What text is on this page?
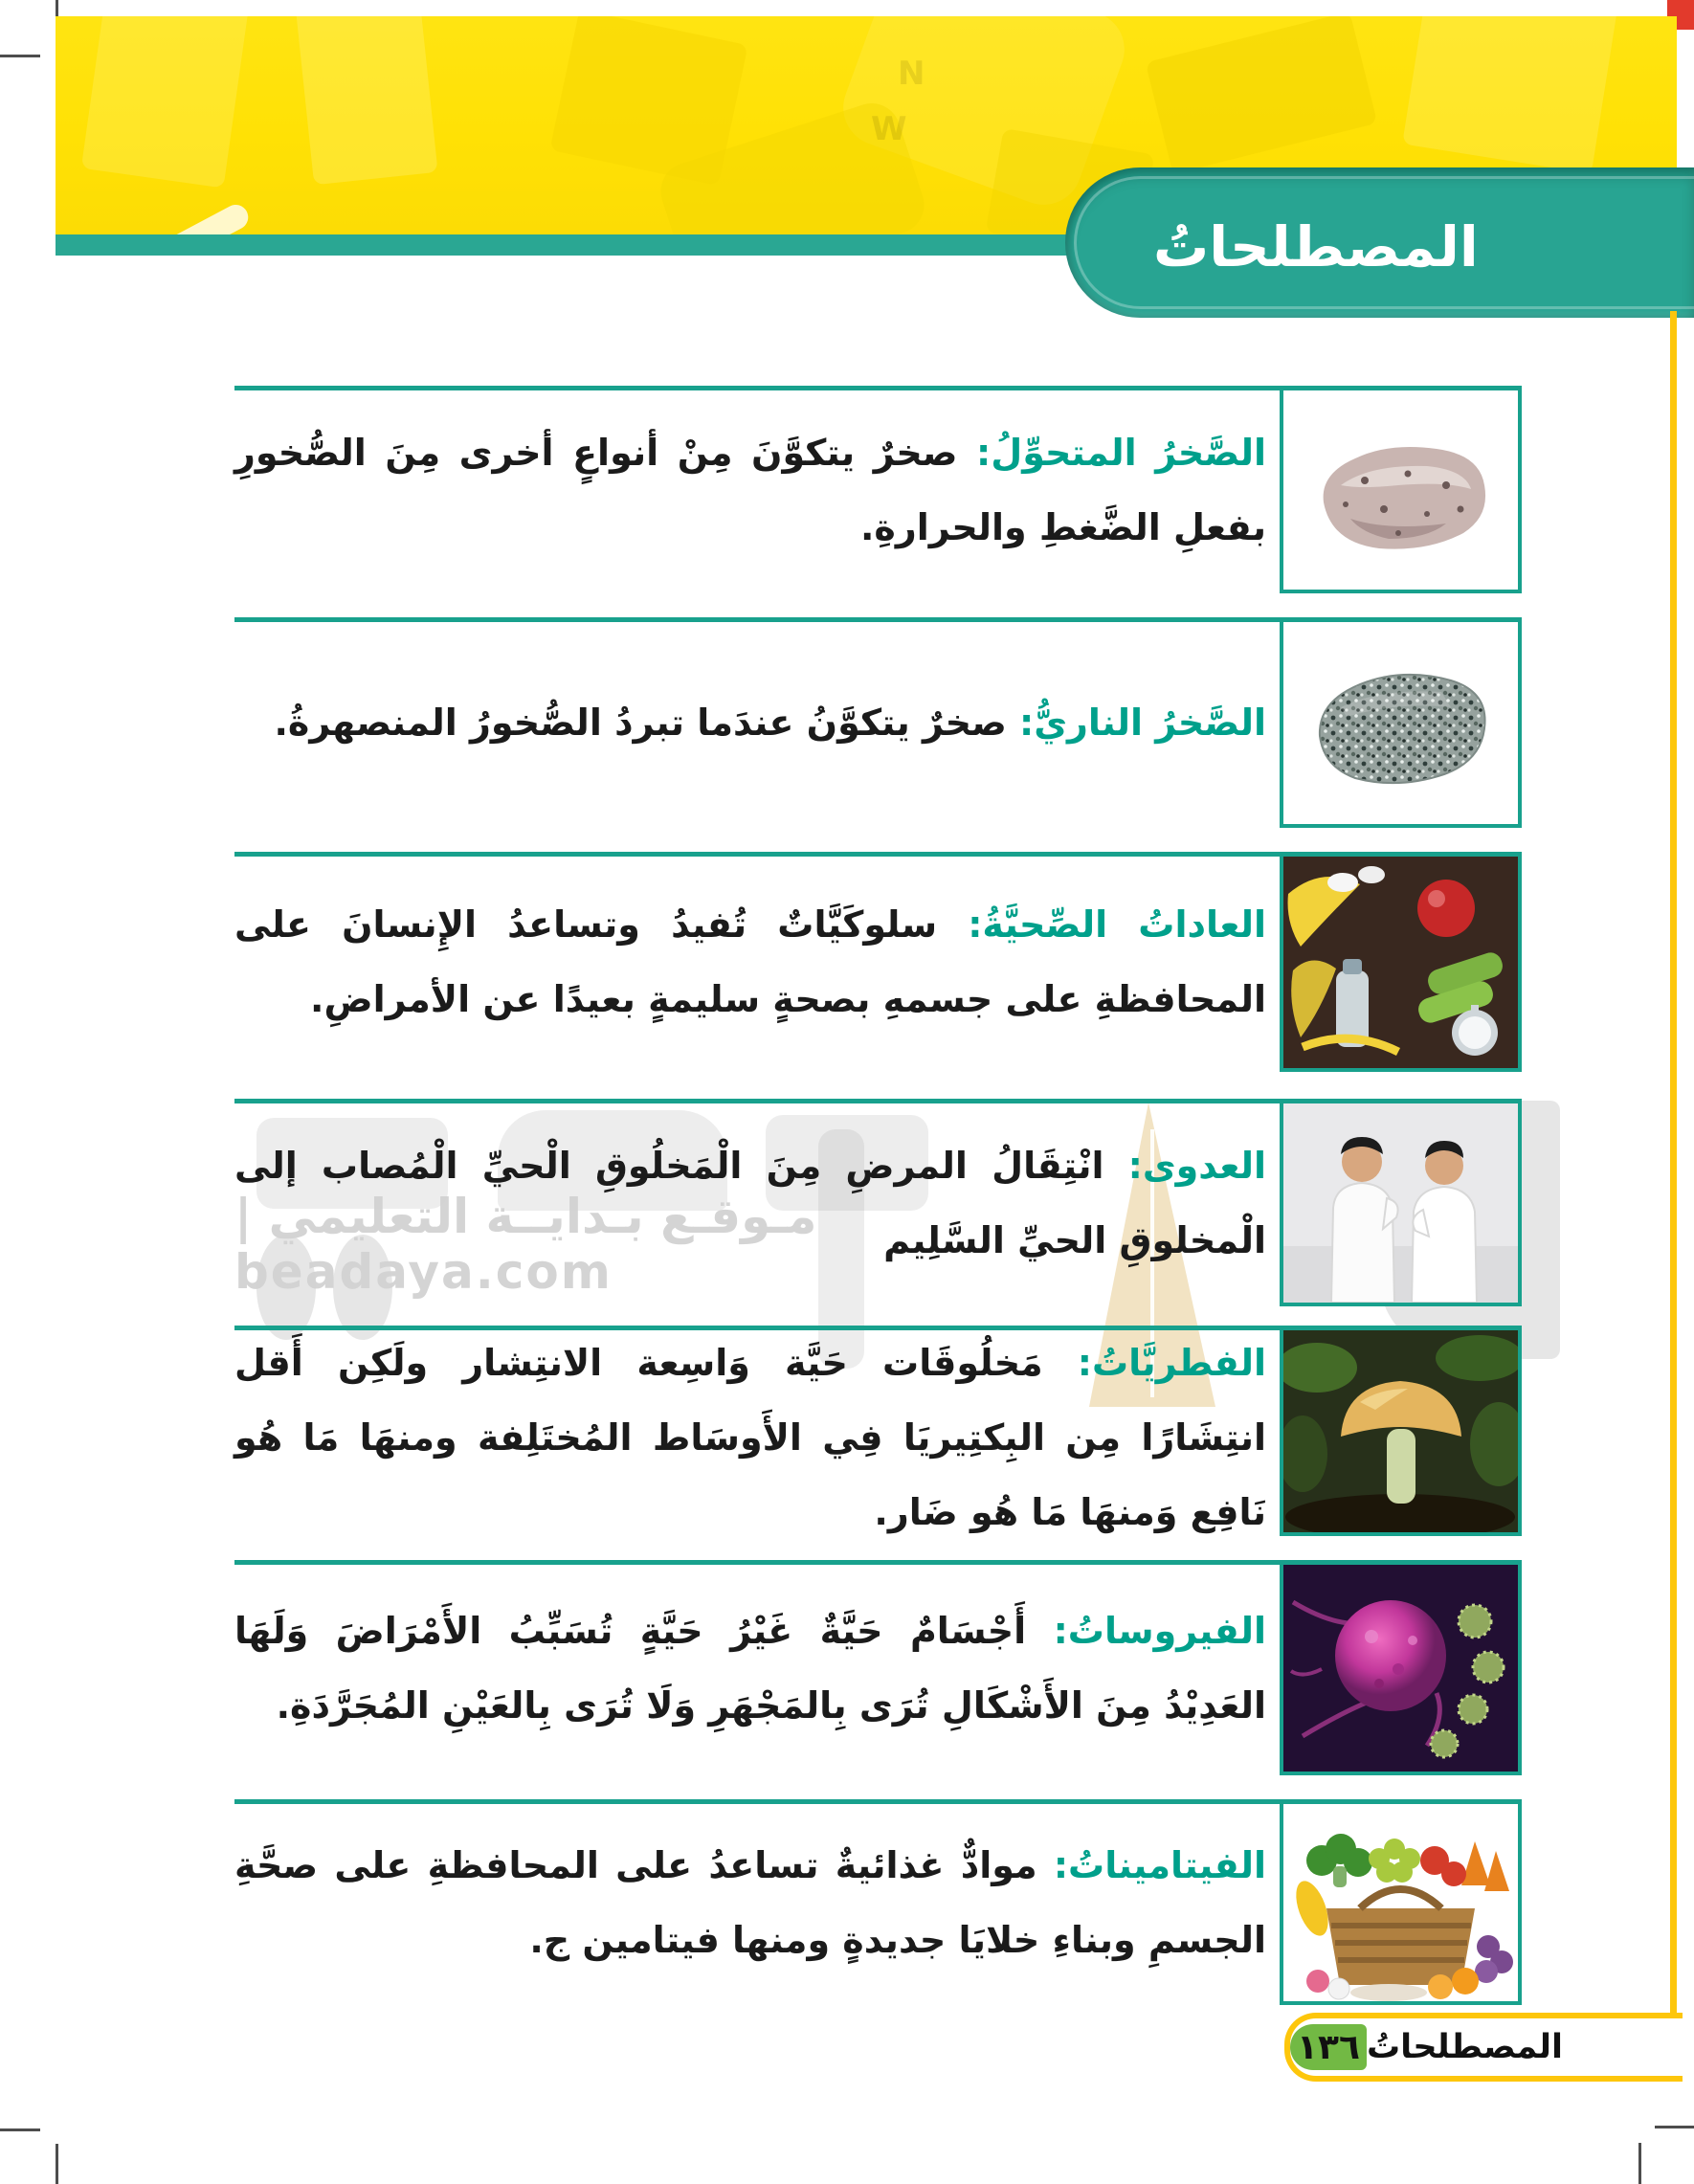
N
W
المصطلحاتُ
مـوقـع بـدايــة التعليمي | beadaya.com

الصَّخرُ المتحوِّلُ: صخرٌ يتكوَّنَ مِنْ أنواعٍ أخرى مِنَ الصُّخورِ بفعلِ الضَّغطِ والحرارةِ.

الصَّخرُ الناريُّ: صخرٌ يتكوَّنُ عندَما تبردُ الصُّخورُ المنصهرةُ.

العاداتُ الصِّحيَّةُ: سلوكَيَّاتٌ تُفيدُ وتساعدُ الإِنسانَ على المحافظةِ على جسمهِ بصحةٍ سليمةٍ بعيدًا عن الأمراضِ.

العدوى: انْتِقَالُ المرضِ مِنَ الْمَخلُوقِ الْحيِّ الْمُصاب إلى الْمخلوقِ الحيِّ السَّلِيم

الفطريَّاتُ: مَخلُوقَات حَيَّة وَاسِعة الانتِشار ولَكِن أَقل انتِشَارًا مِن البِكتِيريَا فِي الأَوسَاط المُختَلِفة ومنهَا مَا هُو نَافِع وَمنهَا مَا هُو ضَار.

الفيروساتُ: أَجْسَامٌ حَيَّةٌ غَيْرُ حَيَّةٍ تُسَبِّبُ الأَمْرَاضَ وَلَهَا العَدِيْدُ مِنَ الأَشْكَالِ تُرَى بِالمَجْهَرِ وَلَا تُرَى بِالعَيْنِ المُجَرَّدَةِ.

الفيتاميناتُ: موادٌّ غذائيةٌ تساعدُ على المحافظةِ على صحَّةِ الجسمِ وبناءِ خلايَا جديدةٍ ومنها فيتامين ج.

١٣٦ المصطلحاتُ
